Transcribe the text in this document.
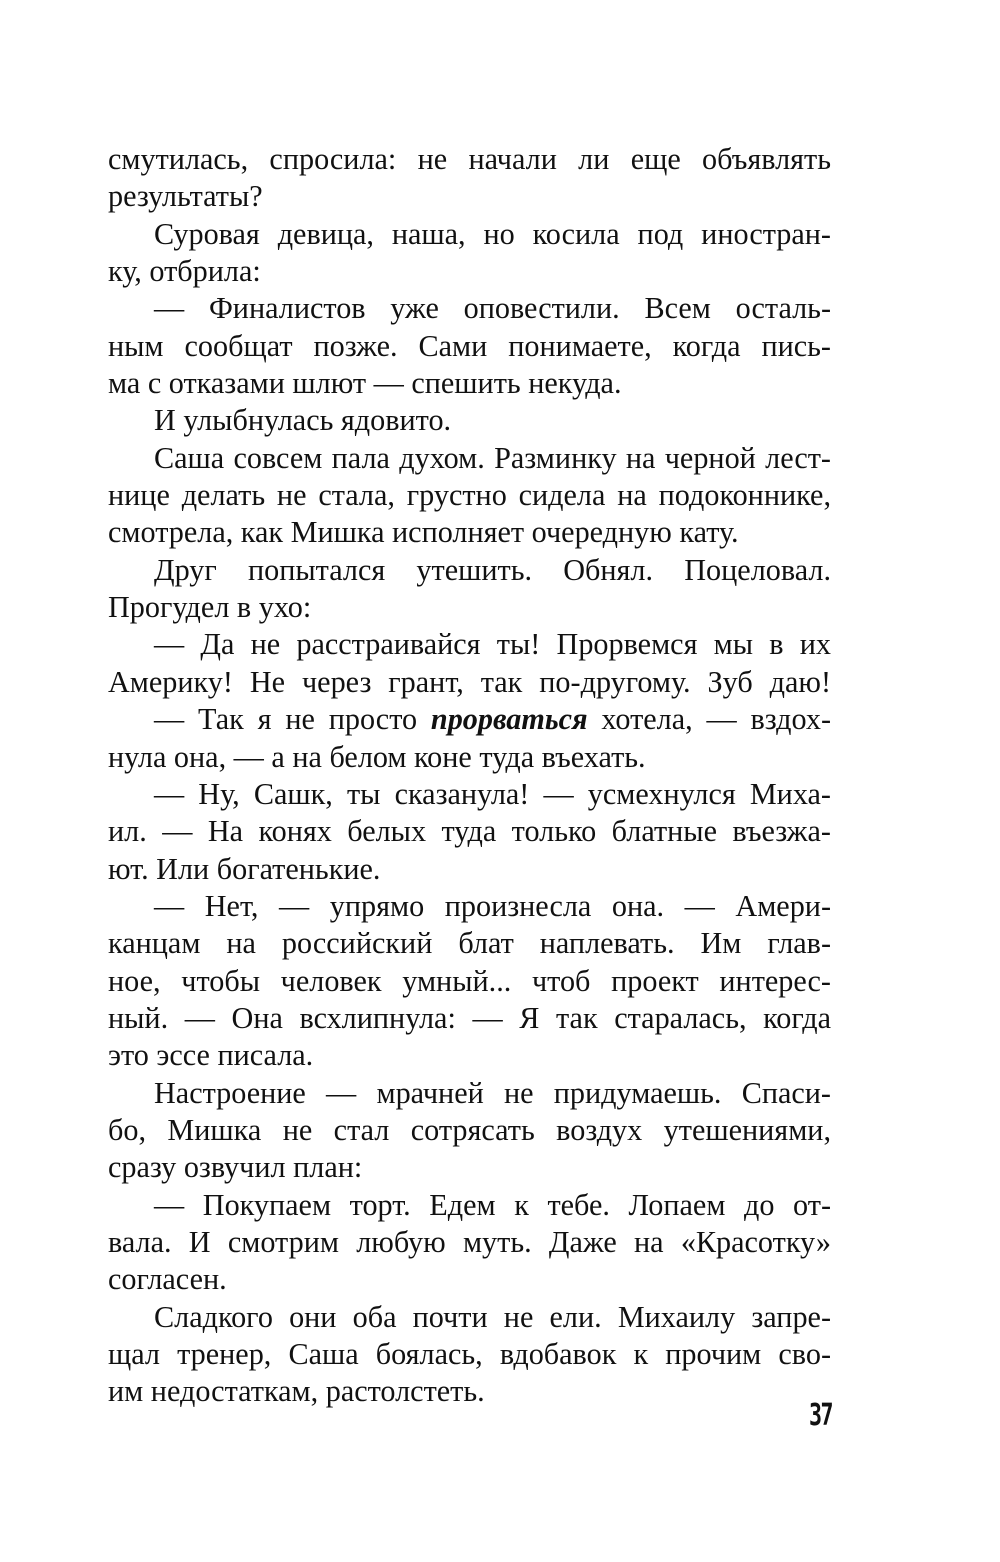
смутилась, спросила: не начали ли еще объявлять
результаты?
Суровая девица, наша, но косила под иностран-
ку, отбрила:
— Финалистов уже оповестили. Всем осталь-
ным сообщат позже. Сами понимаете, когда пись-
ма с отказами шлют — спешить некуда.
И улыбнулась ядовито.
Саша совсем пала духом. Разминку на черной лест-
нице делать не стала, грустно сидела на подоконнике,
смотрела, как Мишка исполняет очередную кату.
Друг попытался утешить. Обнял. Поцеловал.
Прогудел в ухо:
— Да не расстраивайся ты! Прорвемся мы в их
Америку! Не через грант, так по-другому. Зуб даю!
— Так я не просто прорваться хотела, — вздох-
нула она, — а на белом коне туда въехать.
— Ну, Сашк, ты сказанула! — усмехнулся Миха-
ил. — На конях белых туда только блатные въезжа-
ют. Или богатенькие.
— Нет, — упрямо произнесла она. — Амери-
канцам на российский блат наплевать. Им глав-
ное, чтобы человек умный... чтоб проект интерес-
ный. — Она всхлипнула: — Я так старалась, когда
это эссе писала.
Настроение — мрачней не придумаешь. Спаси-
бо, Мишка не стал сотрясать воздух утешениями,
сразу озвучил план:
— Покупаем торт. Едем к тебе. Лопаем до от-
вала. И смотрим любую муть. Даже на «Красотку»
согласен.
Сладкого они оба почти не ели. Михаилу запре-
щал тренер, Саша боялась, вдобавок к прочим сво-
им недостаткам, растолстеть.
37
